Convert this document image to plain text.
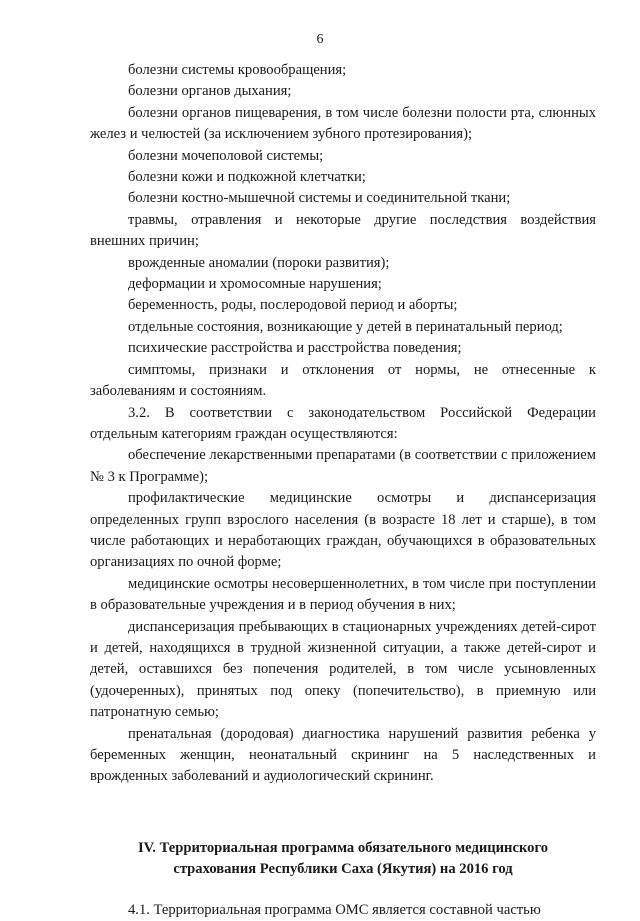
6

болезни системы кровообращения;

болезни органов дыхания;

болезни органов пищеварения, в том числе болезни полости рта, слюнных желез и челюстей (за исключением зубного протезирования);

болезни мочеполовой системы;

болезни кожи и подкожной клетчатки;

болезни костно-мышечной системы и соединительной ткани;

травмы, отравления и некоторые другие последствия воздействия внешних причин;

врожденные аномалии (пороки развития);

деформации и хромосомные нарушения;

беременность, роды, послеродовой период и аборты;

отдельные состояния, возникающие у детей в перинатальный период;

психические расстройства и расстройства поведения;

симптомы, признаки и отклонения от нормы, не отнесенные к заболеваниям и состояниям.

3.2. В соответствии с законодательством Российской Федерации отдельным категориям граждан осуществляются:

обеспечение лекарственными препаратами (в соответствии с приложением № 3 к Программе);

профилактические медицинские осмотры и диспансеризация определенных групп взрослого населения (в возрасте 18 лет и старше), в том числе работающих и неработающих граждан, обучающихся в образовательных организациях по очной форме;

медицинские осмотры несовершеннолетних, в том числе при поступлении в образовательные учреждения и в период обучения в них;

диспансеризация пребывающих в стационарных учреждениях детей-сирот и детей, находящихся в трудной жизненной ситуации, а также детей-сирот и детей, оставшихся без попечения родителей, в том числе усыновленных (удочеренных), принятых под опеку (попечительство), в приемную или патронатную семью;

пренатальная (дородовая) диагностика нарушений развития ребенка у беременных женщин, неонатальный скрининг на 5 наследственных и врожденных заболеваний и аудиологический скрининг.

IV. Территориальная программа обязательного медицинского
страхования Республики Саха (Якутия) на 2016 год

4.1. Территориальная программа ОМС является составной частью
